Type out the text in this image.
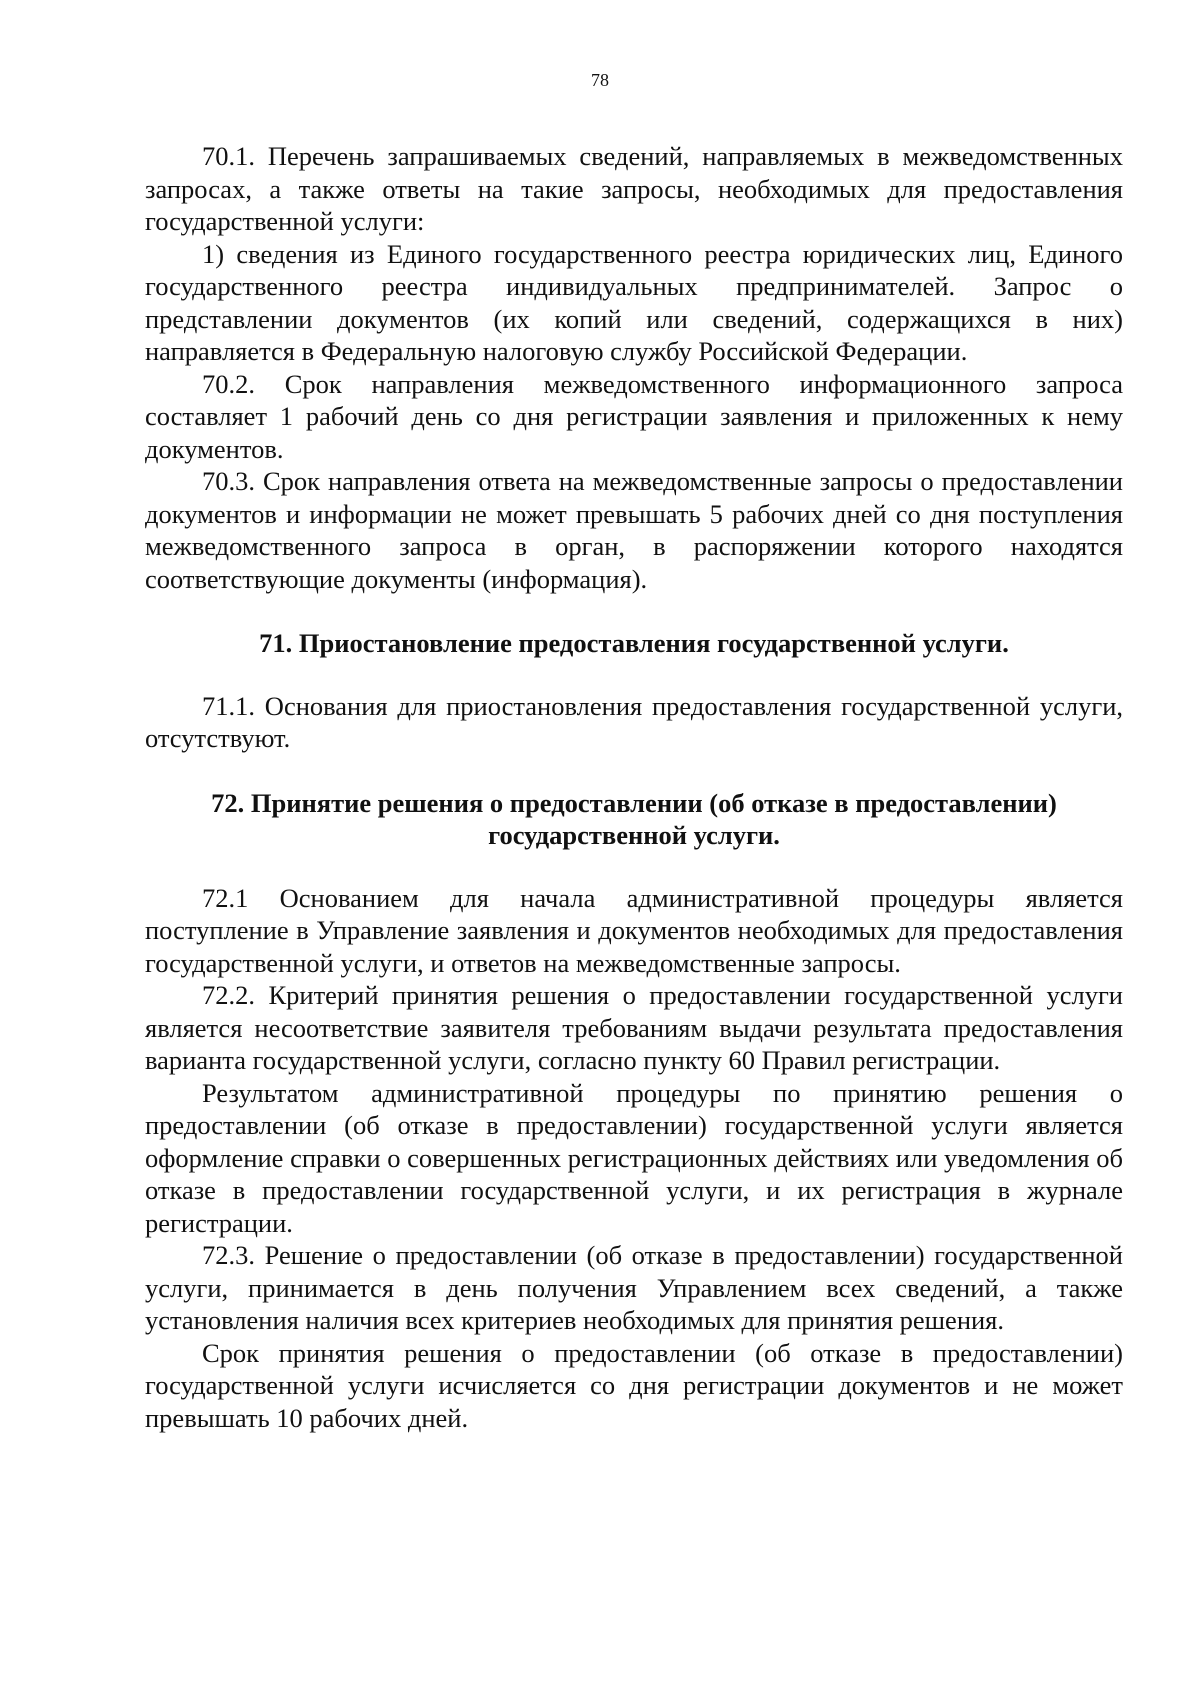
78

70.1. Перечень запрашиваемых сведений, направляемых в межведомственных запросах, а также ответы на такие запросы, необходимых для предоставления государственной услуги:

1) сведения из Единого государственного реестра юридических лиц, Единого государственного реестра индивидуальных предпринимателей. Запрос о представлении документов (их копий или сведений, содержащихся в них) направляется в Федеральную налоговую службу Российской Федерации.

70.2. Срок направления межведомственного информационного запроса составляет 1 рабочий день со дня регистрации заявления и приложенных к нему документов.

70.3. Срок направления ответа на межведомственные запросы о предоставлении документов и информации не может превышать 5 рабочих дней со дня поступления межведомственного запроса в орган, в распоряжении которого находятся соответствующие документы (информация).

71. Приостановление предоставления государственной услуги.

71.1. Основания для приостановления предоставления государственной услуги, отсутствуют.

72. Принятие решения о предоставлении (об отказе в предоставлении) государственной услуги.

72.1 Основанием для начала административной процедуры является поступление в Управление заявления и документов необходимых для предоставления государственной услуги, и ответов на межведомственные запросы.

72.2. Критерий принятия решения о предоставлении государственной услуги является несоответствие заявителя требованиям выдачи результата предоставления варианта государственной услуги, согласно пункту 60 Правил регистрации.

Результатом административной процедуры по принятию решения о предоставлении (об отказе в предоставлении) государственной услуги является оформление справки о совершенных регистрационных действиях или уведомления об отказе в предоставлении государственной услуги, и их регистрация в журнале регистрации.

72.3. Решение о предоставлении (об отказе в предоставлении) государственной услуги, принимается в день получения Управлением всех сведений, а также установления наличия всех критериев необходимых для принятия решения.

Срок принятия решения о предоставлении (об отказе в предоставлении) государственной услуги исчисляется со дня регистрации документов и не может превышать 10 рабочих дней.
